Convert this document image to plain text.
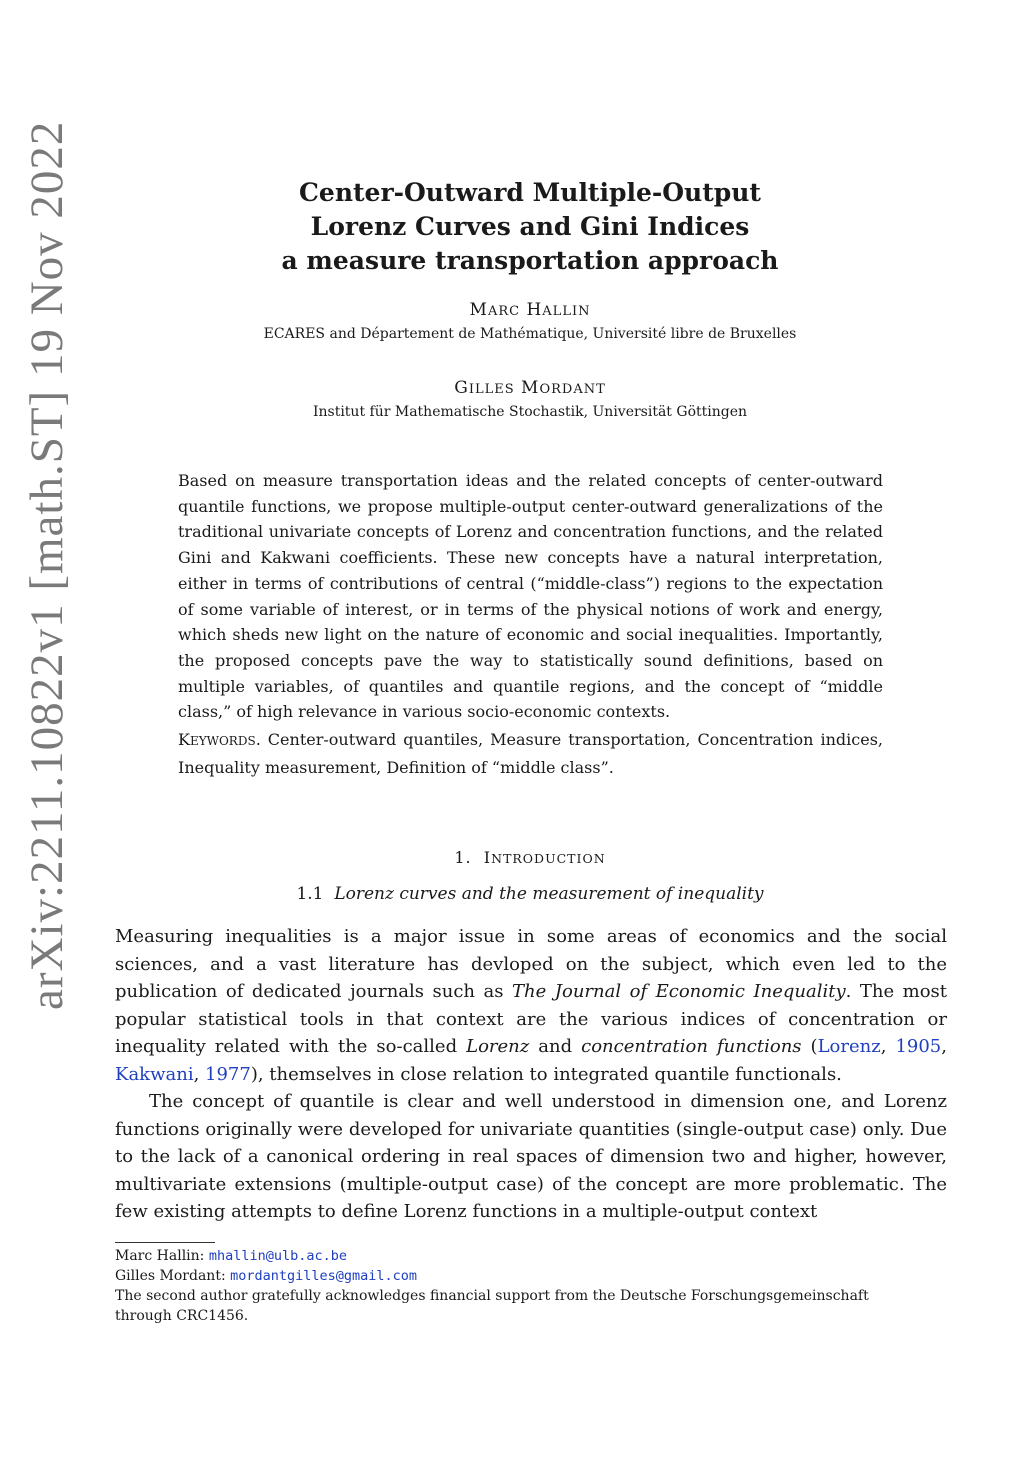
arXiv:2211.10822v1 [math.ST] 19 Nov 2022	Center-Outward Multiple-Output
Lorenz Curves and Gini Indices
a measure transportation approach
MARC HALLIN
ECARES and Département de Mathématique, Université libre de Bruxelles
GILLES MORDANT
Institut für Mathematische Stochastik, Universität Göttingen

Based on measure transportation ideas and the related concepts of center-outward quantile functions, we propose multiple-output center-outward generalizations of the traditional univariate concepts of Lorenz and concentration functions, and the related Gini and Kakwani coefficients. These new concepts have a natural interpretation, either in terms of contributions of central (“middle-class”) regions to the expectation of some variable of interest, or in terms of the physical notions of work and energy, which sheds new light on the nature of economic and social inequalities. Importantly, the proposed concepts pave the way to statistically sound definitions, based on multiple variables, of quantiles and quantile regions, and the concept of “middle class,” of high relevance in various socio-economic contexts.

KEYWORDS. Center-outward quantiles, Measure transportation, Concentration indices, Inequality measurement, Definition of “middle class”.

1. INTRODUCTION
1.1 Lorenz curves and the measurement of inequality

Measuring inequalities is a major issue in some areas of economics and the social sciences, and a vast literature has devloped on the subject, which even led to the publication of dedicated journals such as The Journal of Economic Inequality. The most popular statistical tools in that context are the various indices of concentration or inequality related with the so-called Lorenz and concentration functions (Lorenz, 1905, Kakwani, 1977), themselves in close relation to integrated quantile functionals.

The concept of quantile is clear and well understood in dimension one, and Lorenz functions originally were developed for univariate quantities (single-output case) only. Due to the lack of a canonical ordering in real spaces of dimension two and higher, however, multivariate extensions (multiple-output case) of the concept are more problematic. The few existing attempts to define Lorenz functions in a multiple-output context

Marc Hallin: mhallin@ulb.ac.be
Gilles Mordant: mordantgilles@gmail.com
The second author gratefully acknowledges financial support from the Deutsche Forschungsgemeinschaft
through CRC1456.
